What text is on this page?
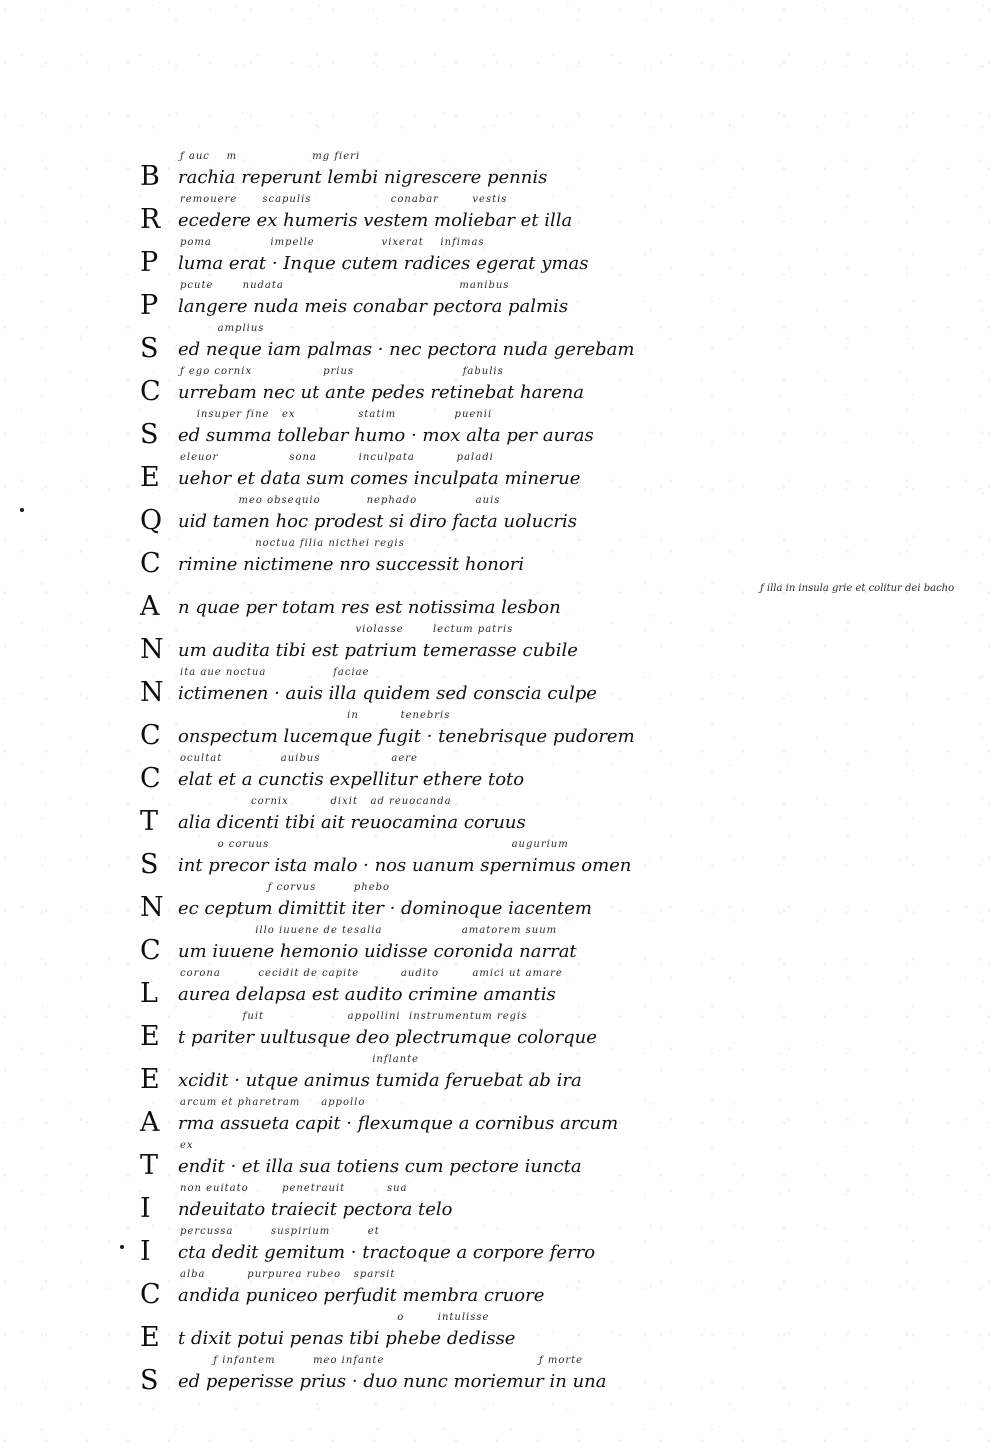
ƒ auc    m                  mg fieri
B	rachia reperunt lembi nigrescere pennis
remouere      scapulis                   conabar        vestis
R ecedere ex humeris vestem moliebar et illa
poma              impelle                vixerat    infimas
P	luma erat · Inque cutem radices egerat ymas
pcute       nudata                                          manibus
P	langere nuda meis conabar pectora palmis
amplius
S	ed neque iam palmas · nec pectora nuda gerebam
ƒ ego cornix                 prius                          fabulis
C urrebam nec ut ante pedes retinebat harena
insuper fine   ex               statim              puenii
S	ed summa tollebar humo · mox alta per auras
eleuor                 sona          inculpata          paladi
E	uehor et data sum comes inculpata minerue
meo obsequio           nephado              auis
Q uid tamen hoc prodest si diro facta uolucris
noctua filia nicthei regis
C rimine nictimene nro successit honori
A	n quae per totam res est notissima lesbon
violasse       lectum patris
N um audita tibi est patrium temerasse cubile
ita aue noctua                faciae
N ictimenen · auis illa quidem sed conscia culpe
in          tenebris
C onspectum lucemque fugit · tenebrisque pudorem
ocultat              auibus                 aere
C elat et a cunctis expellitur ethere toto
cornix          dixit   ad reuocanda
T	alia dicenti tibi ait reuocamina coruus
o coruus                                                          augurium
S	int precor ista malo · nos uanum spernimus omen
ƒ corvus         phebo
N ec ceptum dimittit iter · dominoque iacentem
illo iuuene de tesalia                   amatorem suum
C um iuuene hemonio uidisse coronida narrat
corona         cecidit de capite          audito        amici ut amare
L	aurea delapsa est audito crimine amantis
fuit                    appollini  instrumentum regis
E	t pariter uultusque deo plectrumque colorque
inflante
E	xcidit · utque animus tumida feruebat ab ira
arcum et pharetram     appollo
A	rma assueta capit · flexumque a cornibus arcum
ex
T	endit · et illa sua totiens cum pectore iuncta
non euitato        penetrauit          sua
I	ndeuitato traiecit pectora telo
percussa         suspirium         et
I	cta dedit gemitum · tractoque a corpore ferro
alba          purpurea rubeo   sparsit
C andida puniceo perfudit membra cruore
o        intulisse
E	t dixit potui penas tibi phebe dedisse
ƒ infantem         meo infante                                     ƒ morte
S	ed peperisse prius · duo nunc moriemur in una
ƒ illa in insula grie et colitur dei bacho
